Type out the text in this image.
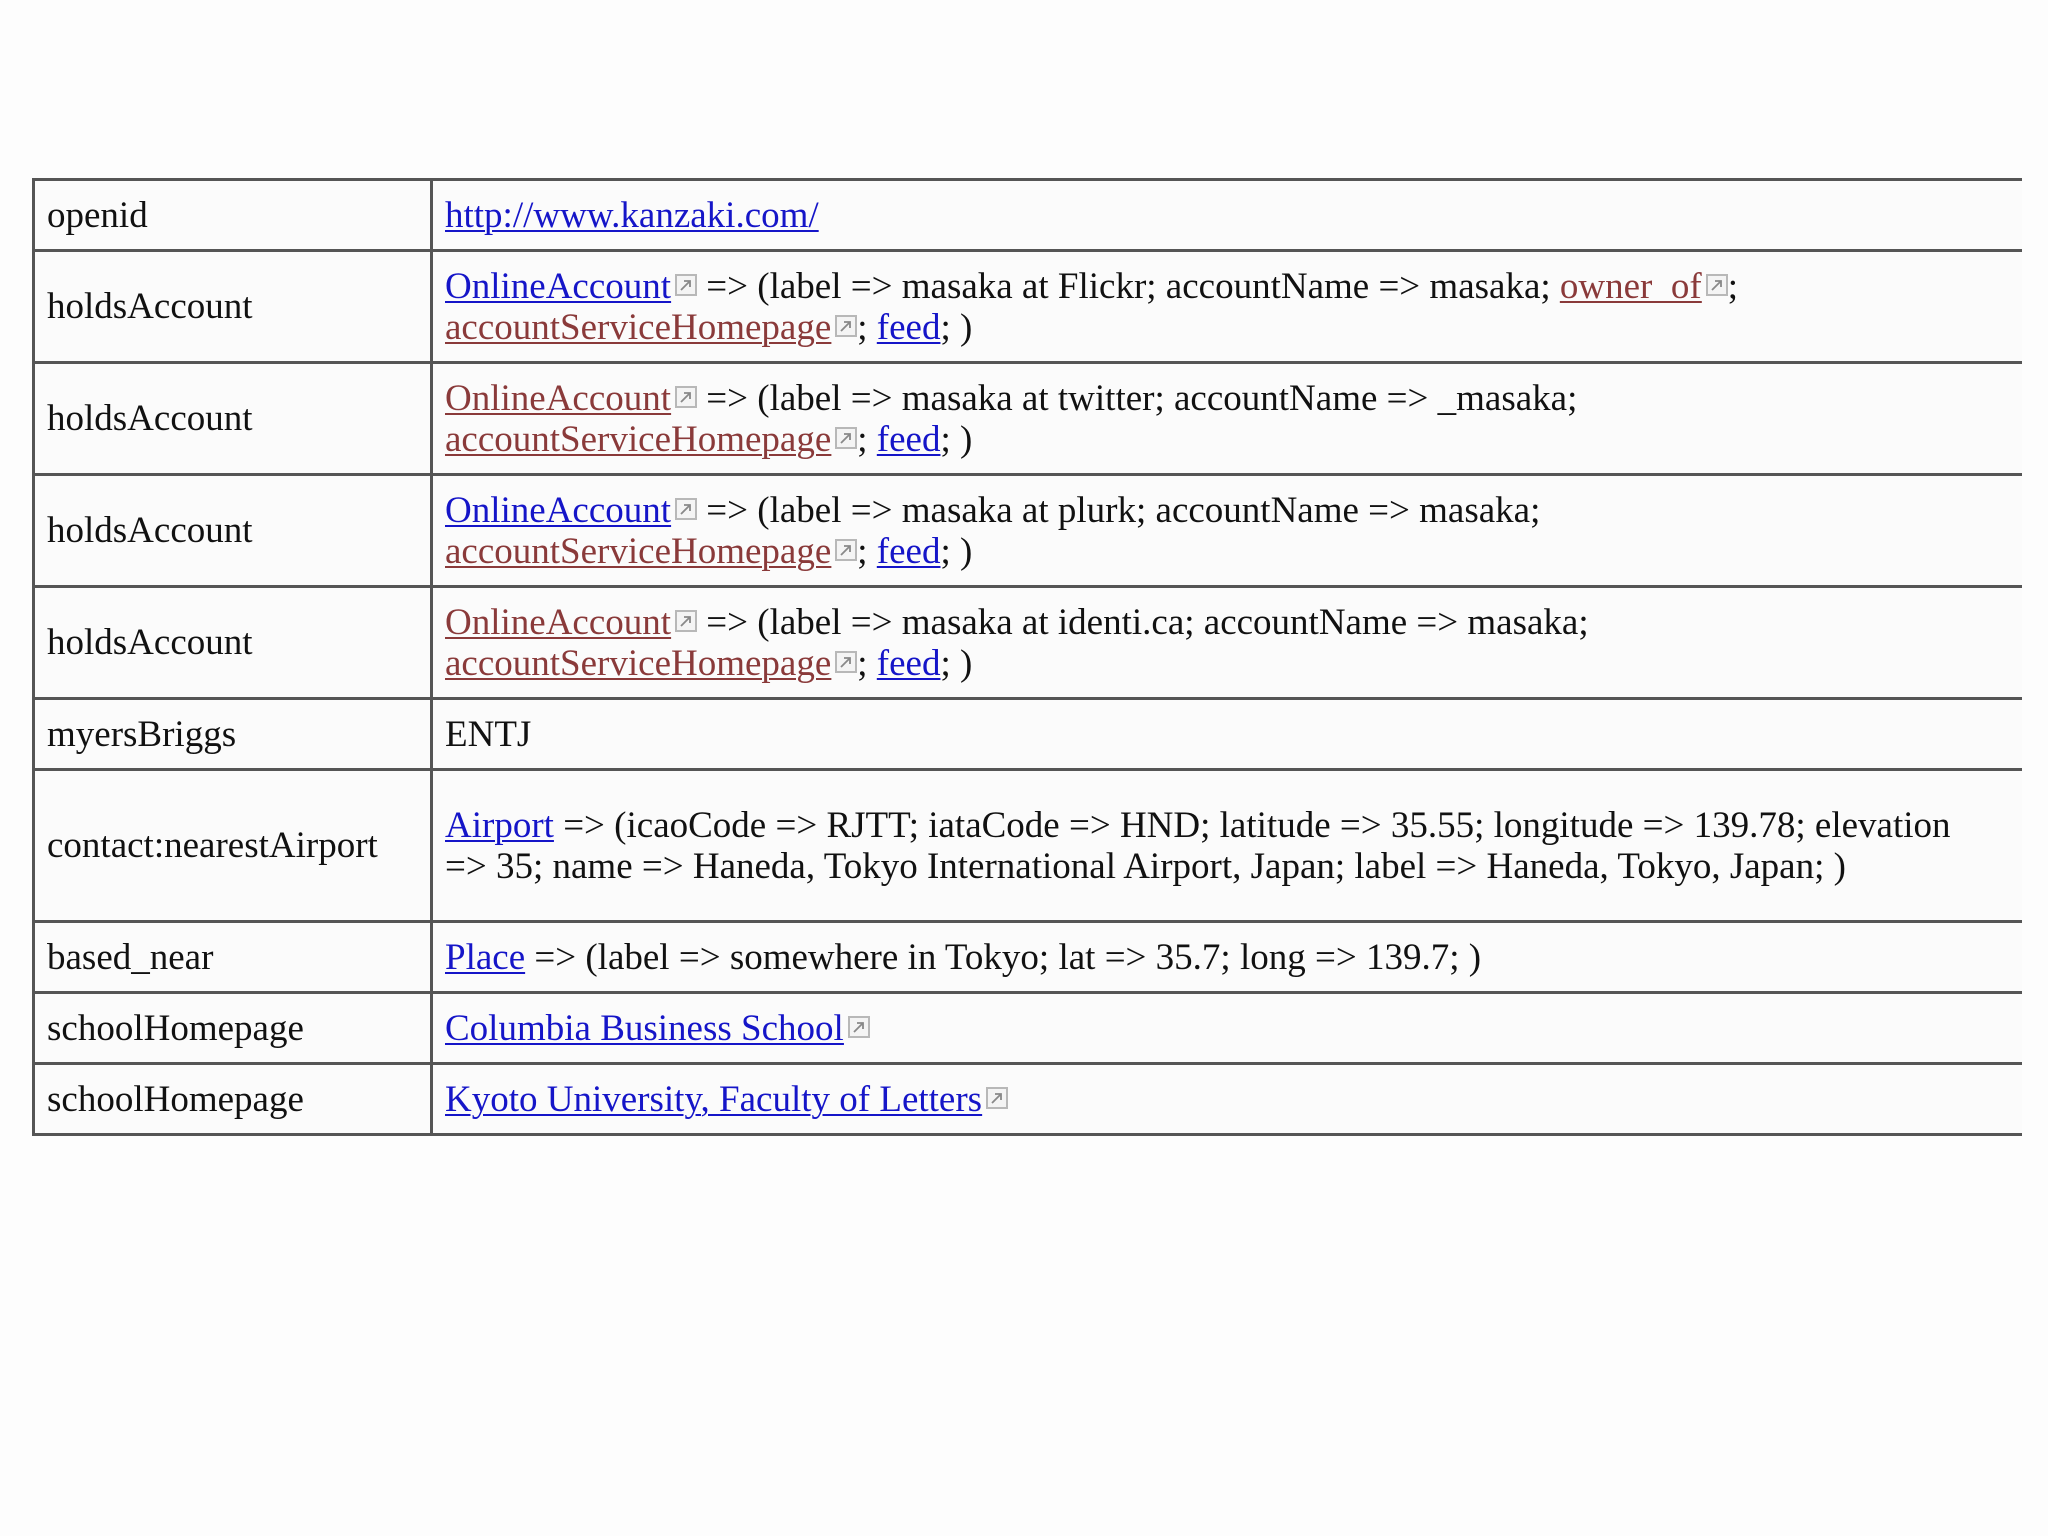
openid	http://www.kanzaki.com/
holdsAccount	OnlineAccount
=> (label => masaka at Flickr; accountName => masaka; owner_of ;
accountServiceHomepage ; feed; )
holdsAccount	OnlineAccount
=> (label => masaka at twitter; accountName => _masaka;
accountServiceHomepage ; feed; )
holdsAccount	OnlineAccount
=> (label => masaka at plurk; accountName => masaka;
accountServiceHomepage ; feed; )
holdsAccount	OnlineAccount
=> (label => masaka at identi.ca; accountName => masaka;
accountServiceHomepage ; feed; )
myersBriggs	ENTJ
contact:nearestAirport	Airport => (icaoCode => RJTT; iataCode => HND; latitude => 35.55; longitude => 139.78; elevation => 35; name => Haneda, Tokyo International Airport, Japan; label => Haneda, Tokyo, Japan; )
based_near	Place => (label => somewhere in Tokyo; lat => 35.7; long => 139.7; )
schoolHomepage	Columbia Business School

schoolHomepage	Kyoto University, Faculty of Letters
